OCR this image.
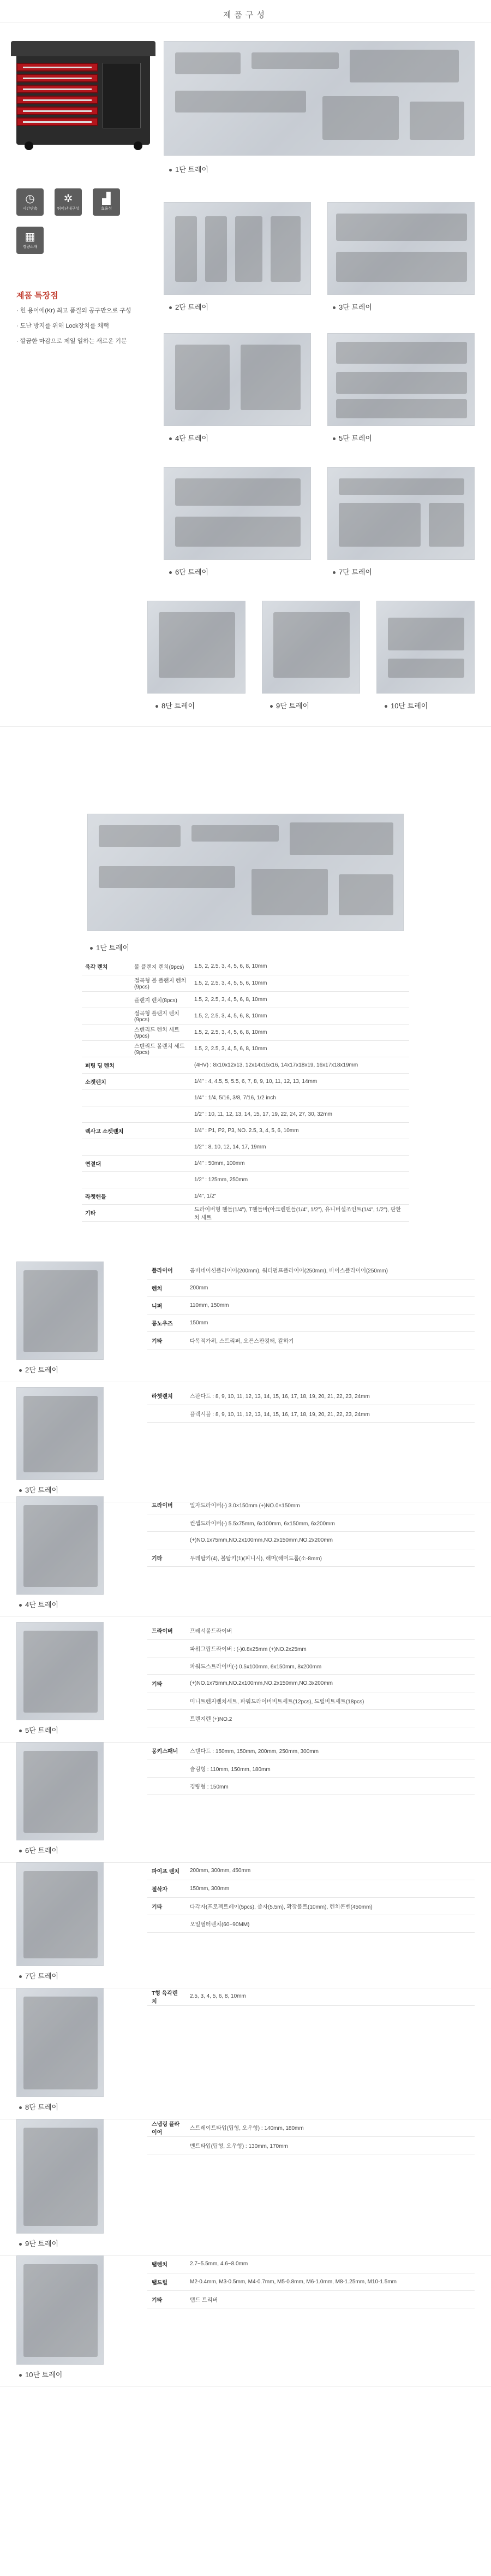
제품구성
1단 트레이
◷
시간단축
✲
뛰어난내구성
▟
효율성
▦
경량소재
제품 특장점
· 힌 용어에(Kr) 최고 품질의 공구만으로 구성
· 도난 방지를 위해 Lock장치를 채택
· 깔끔한 마감으로 제일 일하는 새로운 기분
2단 트레이	3단 트레이
4단 트레이	5단 트레이
6단 트레이	7단 트레이
8단 트레이	9단 트레이	10단 트레이
1단 트레이
육각 렌치	볼 플랜지 렌치(9pcs)	1.5, 2, 2.5, 3, 4, 5, 6, 8, 10mm
	절곡형 볼 플랜지 렌치(9pcs)	1.5, 2, 2.5, 3, 4, 5, 5, 6, 10mm
	플랜지 렌치(8pcs)	1.5, 2, 2.5, 3, 4, 5, 6, 8, 10mm
	절곡형 플랜지 렌치(9pcs)	1.5, 2, 2.5, 3, 4, 5, 6, 8, 10mm
	스텐리드 렌치 세트(9pcs)	1.5, 2, 2.5, 3, 4, 5, 6, 8, 10mm
	스텐리드 볼렌치 세트(9pcs)	1.5, 2, 2.5, 3, 4, 5, 6, 8, 10mm
퍼팅 딩 렌치		(4HV) : 8x10x12x13, 12x14x15x16, 14x17x18x19, 16x17x18x19mm
소켓렌치		1/4" : 4, 4.5, 5, 5.5, 6, 7, 8, 9, 10, 11, 12, 13, 14mm
		1/4" : 1/4, 5/16, 3/8, 7/16, 1/2 inch
		1/2" : 10, 11, 12, 13, 14, 15, 17, 19, 22, 24, 27, 30, 32mm
렉사고 소켓렌치		1/4" : P1, P2, P3, NO. 2.5, 3, 4, 5, 6, 10mm
		1/2" : 8, 10, 12, 14, 17, 19mm
연결대		1/4" : 50mm, 100mm
		1/2" : 125mm, 250mm
라쳇핸들		1/4", 1/2"
기타		드라이버형 핸들(1/4"), T핸들바(아크렌핸들(1/4", 1/2"), 유니버셜조인트(1/4", 1/2"), 판한치 세트
2단 트레이
플라이어	콤비네이션플라이어(200mm), 워터펌프플라이어(250mm), 바이스플라이어(250mm)
렌치	200mm
니퍼	110mm, 150mm
롱노우즈	150mm
기타	다목적가위, 스트리퍼, 오픈스판컷터, 칼하기
3단 트레이
라쳇렌치	스판다드 : 8, 9, 10, 11, 12, 13, 14, 15, 16, 17, 18, 19, 20, 21, 22, 23, 24mm
	플렉시블 : 8, 9, 10, 11, 12, 13, 14, 15, 16, 17, 18, 19, 20, 21, 22, 23, 24mm
4단 트레이
드라이버	일자드라이버(-) 3.0×150mm (+)NO.0×150mm
	컨셉드라이버(-) 5.5x75mm, 6x100mm, 6x150mm, 6x200mm
	(+)NO.1x75mm,NO.2x100mm,NO.2x150mm,NO.2x200mm
기타	두레탑키(4), 볼탑키(1)(피니시), 해머(해머드롭(소-8mm)
5단 트레이
드라이버	프레셔볼드라이버
	파워그립드라이버 : (-)0.8x25mm (+)NO.2x25mm
	파워드스트라이버(-) 0.5x100mm, 6x150mm, 8x200mm
기타	(+)NO.1x75mm,NO.2x100mm,NO.2x150mm,NO.3x200mm
	미니트렌지렌치세트, 파워드라이버비트세트(12pcs), 드릴비트세트(18pcs)
	트렌지렌 (+)NO.2
6단 트레이
몽키스패너	스탠다드 : 150mm, 150mm, 200mm, 250mm, 300mm
	슬림형 : 110mm, 150mm, 180mm
	경량형 : 150mm
7단 트레이
파이프 렌치	200mm, 300mm, 450mm
절삭자	150mm, 300mm
기타	다각자(프로젝트레이(5pcs), 줄자(5.5m), 확장볼트(10mm), 렌치콘벤(450mm)
	오일필터렌치(60~90MM)
8단 트레이
T형 육각렌치	2.5, 3, 4, 5, 6, 8, 10mm
9단 트레이
스냅링 플라이어	스트레이트타입(팁형, 오우형) : 140mm, 180mm
	벤트타입(팁형, 오우형) : 130mm, 170mm
10단 트레이
탭렌치	2.7~5.5mm, 4.6~8.0mm
탭드릴	M2-0.4mm, M3-0.5mm, M4-0.7mm, M5-0.8mm, M6-1.0mm, M8-1.25mm, M10-1.5mm
기타	탭드 트리버
